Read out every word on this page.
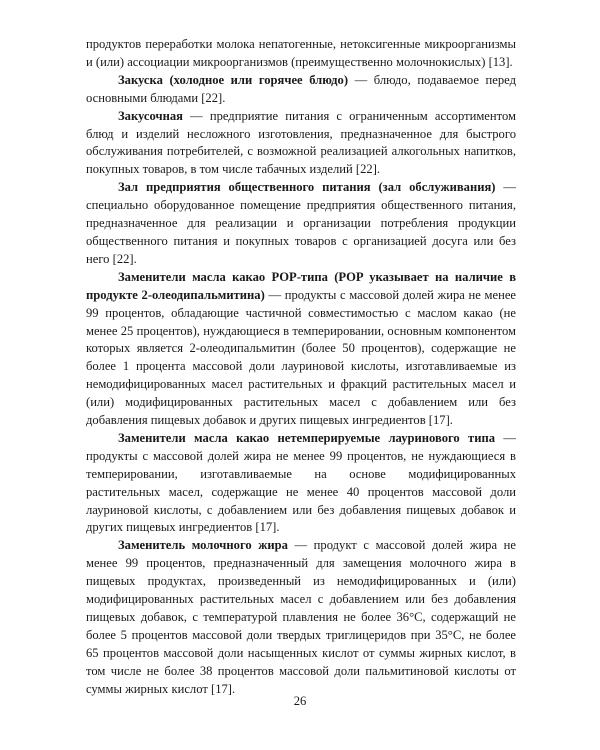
продуктов переработки молока непатогенные, нетоксигенные микроорганизмы и (или) ассоциации микроорганизмов (преимущественно молочнокислых) [13].

Закуска (холодное или горячее блюдо) — блюдо, подаваемое перед основными блюдами [22].

Закусочная — предприятие питания с ограниченным ассортиментом блюд и изделий несложного изготовления, предназначенное для быстрого обслуживания потребителей, с возможной реализацией алкогольных напитков, покупных товаров, в том числе табачных изделий [22].

Зал предприятия общественного питания (зал обслуживания) — специально оборудованное помещение предприятия общественного питания, предназначенное для реализации и организации потребления продукции общественного питания и покупных товаров с организацией досуга или без него [22].

Заменители масла какао POP-типа (POP указывает на наличие в продукте 2-олеодипальмитина) — продукты с массовой долей жира не менее 99 процентов, обладающие частичной совместимостью с маслом какао (не менее 25 процентов), нуждающиеся в темперировании, основным компонентом которых является 2-олеодипальмитин (более 50 процентов), содержащие не более 1 процента массовой доли лауриновой кислоты, изготавливаемые из немодифицированных масел растительных и фракций растительных масел и (или) модифицированных растительных масел с добавлением или без добавления пищевых добавок и других пищевых ингредиентов [17].

Заменители масла какао нетемперируемые лауринового типа — продукты с массовой долей жира не менее 99 процентов, не нуждающиеся в темперировании, изготавливаемые на основе модифицированных растительных масел, содержащие не менее 40 процентов массовой доли лауриновой кислоты, с добавлением или без добавления пищевых добавок и других пищевых ингредиентов [17].

Заменитель молочного жира — продукт с массовой долей жира не менее 99 процентов, предназначенный для замещения молочного жира в пищевых продуктах, произведенный из немодифицированных и (или) модифицированных растительных масел с добавлением или без добавления пищевых добавок, с температурой плавления не более 36°C, содержащий не более 5 процентов массовой доли твердых триглицеридов при 35°C, не более 65 процентов массовой доли насыщенных кислот от суммы жирных кислот, в том числе не более 38 процентов массовой доли пальмитиновой кислоты от суммы жирных кислот [17].

26
